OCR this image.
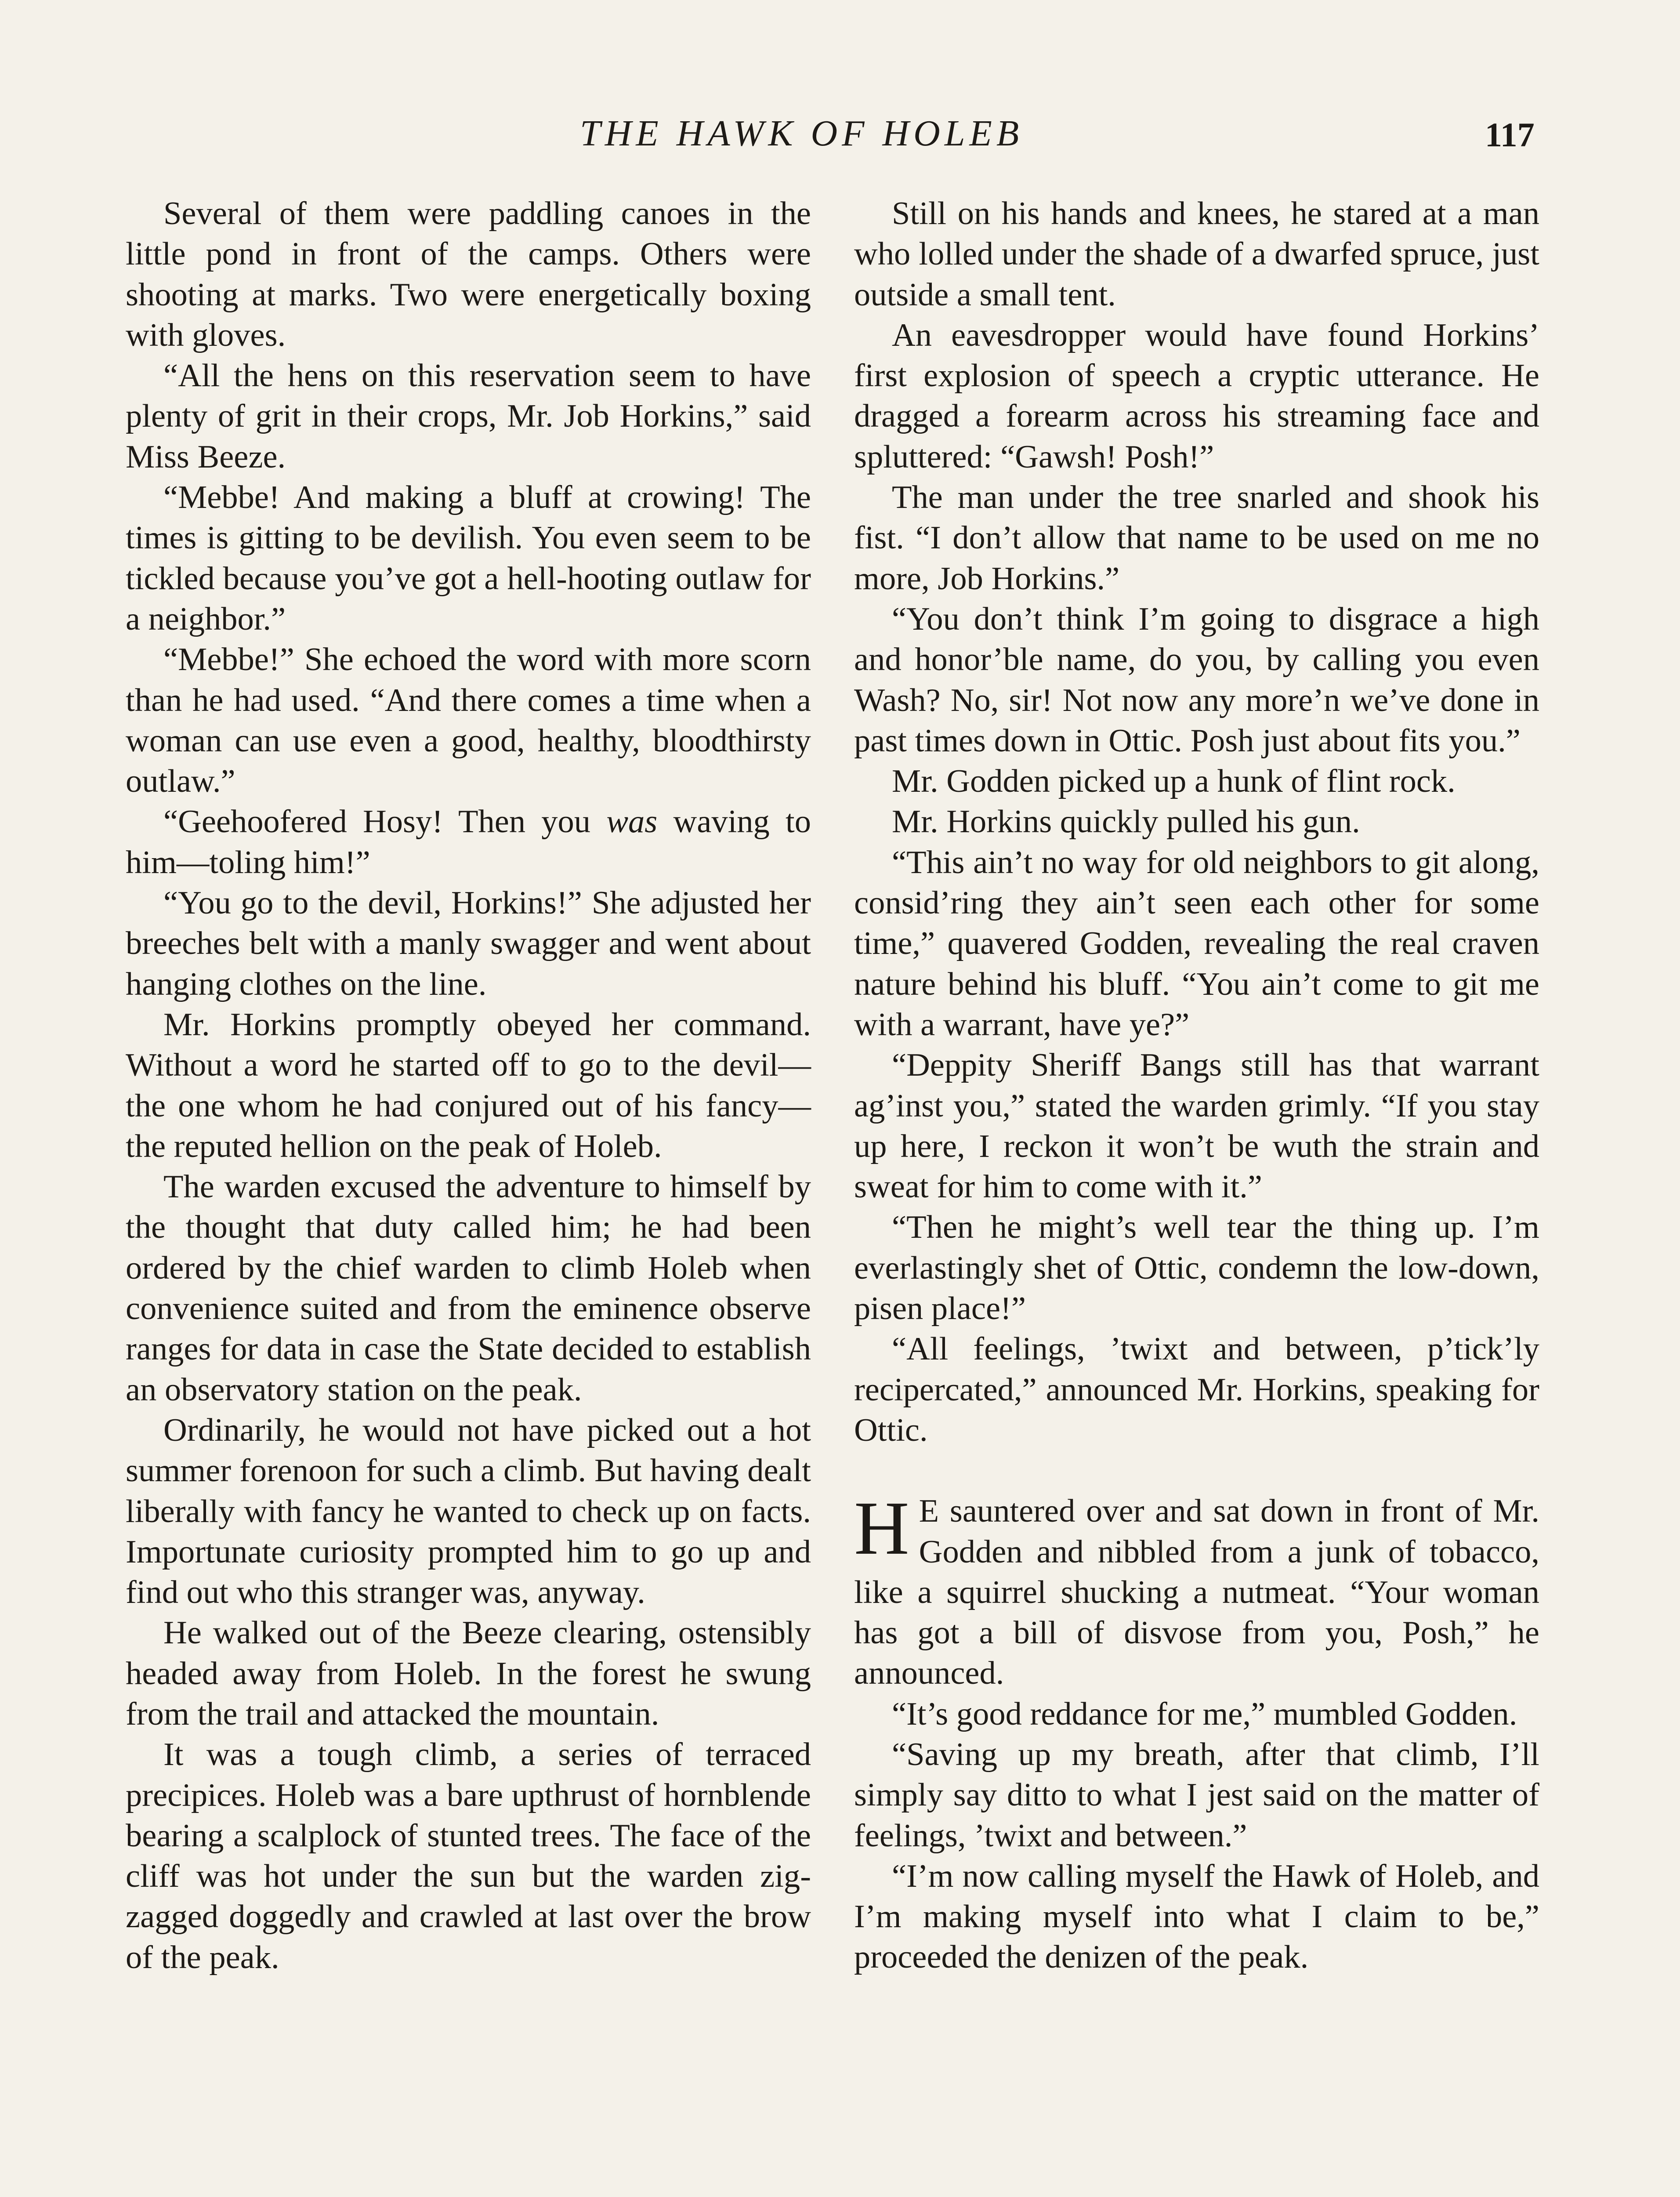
THE HAWK OF HOLEB	117

Several of them were paddling canoes in the little pond in front of the camps. Others were shooting at marks. Two were energetically boxing with gloves.

“All the hens on this reservation seem to have plenty of grit in their crops, Mr. Job Horkins,” said Miss Beeze.

“Mebbe! And making a bluff at crowing! The times is gitting to be devilish. You even seem to be tickled because you’ve got a hell-hooting outlaw for a neighbor.”

“Mebbe!” She echoed the word with more scorn than he had used. “And there comes a time when a woman can use even a good, healthy, bloodthirsty outlaw.”

“Geehoofered Hosy! Then you was waving to him—toling him!”

“You go to the devil, Horkins!” She adjusted her breeches belt with a manly swagger and went about hanging clothes on the line.

Mr. Horkins promptly obeyed her command. Without a word he started off to go to the devil—the one whom he had conjured out of his fancy—the reputed hellion on the peak of Holeb.

The warden excused the adventure to himself by the thought that duty called him; he had been ordered by the chief warden to climb Holeb when convenience suited and from the eminence observe ranges for data in case the State decided to establish an observatory station on the peak.

Ordinarily, he would not have picked out a hot summer forenoon for such a climb. But having dealt liberally with fancy he wanted to check up on facts. Importunate curiosity prompted him to go up and find out who this stranger was, anyway.

He walked out of the Beeze clearing, ostensibly headed away from Holeb. In the forest he swung from the trail and attacked the mountain.

It was a tough climb, a series of terraced precipices. Holeb was a bare upthrust of hornblende bearing a scalplock of stunted trees. The face of the cliff was hot under the sun but the warden zigzagged doggedly and crawled at last over the brow of the peak.

Still on his hands and knees, he stared at a man who lolled under the shade of a dwarfed spruce, just outside a small tent.

An eavesdropper would have found Horkins’ first explosion of speech a cryptic utterance. He dragged a forearm across his streaming face and spluttered: “Gawsh! Posh!”

The man under the tree snarled and shook his fist. “I don’t allow that name to be used on me no more, Job Horkins.”

“You don’t think I’m going to disgrace a high and honor’ble name, do you, by calling you even Wash? No, sir! Not now any more’n we’ve done in past times down in Ottic. Posh just about fits you.”

Mr. Godden picked up a hunk of flint rock.

Mr. Horkins quickly pulled his gun.

“This ain’t no way for old neighbors to git along, consid’ring they ain’t seen each other for some time,” quavered Godden, revealing the real craven nature behind his bluff. “You ain’t come to git me with a warrant, have ye?”

“Deppity Sheriff Bangs still has that warrant ag’inst you,” stated the warden grimly. “If you stay up here, I reckon it won’t be wuth the strain and sweat for him to come with it.”

“Then he might’s well tear the thing up. I’m everlastingly shet of Ottic, condemn the low-down, pisen place!”

“All feelings, ’twixt and between, p’tick’ly recipercated,” announced Mr. Horkins, speaking for Ottic.

H E sauntered over and sat down in front of Mr. Godden and nibbled from a junk of tobacco, like a squirrel shucking a nutmeat. “Your woman has got a bill of disvose from you, Posh,” he announced.

“It’s good reddance for me,” mumbled Godden.

“Saving up my breath, after that climb, I’ll simply say ditto to what I jest said on the matter of feelings, ’twixt and between.”

“I’m now calling myself the Hawk of Holeb, and I’m making myself into what I claim to be,” proceeded the denizen of the peak.
